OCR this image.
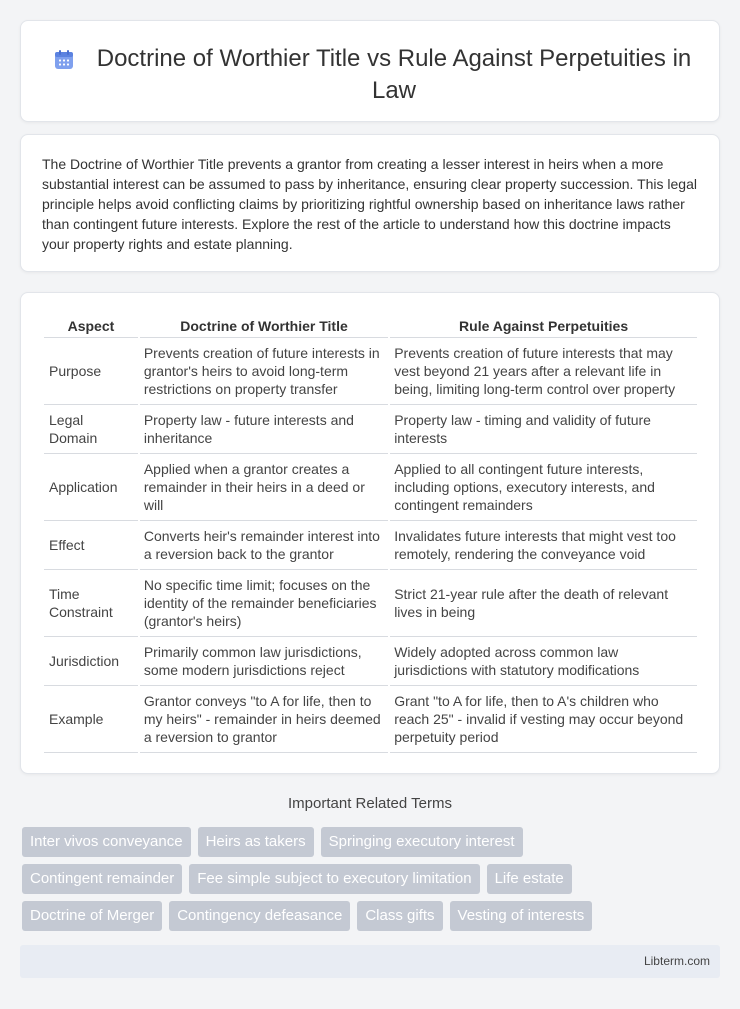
Doctrine of Worthier Title vs Rule Against Perpetuities in Law

The Doctrine of Worthier Title prevents a grantor from creating a lesser interest in heirs when a more substantial interest can be assumed to pass by inheritance, ensuring clear property succession. This legal principle helps avoid conflicting claims by prioritizing rightful ownership based on inheritance laws rather than contingent future interests. Explore the rest of the article to understand how this doctrine impacts your property rights and estate planning.

Aspect	Doctrine of Worthier Title	Rule Against Perpetuities
Purpose	Prevents creation of future interests in grantor's heirs to avoid long-term restrictions on property transfer	Prevents creation of future interests that may vest beyond 21 years after a relevant life in being, limiting long-term control over property
Legal Domain	Property law - future interests and inheritance	Property law - timing and validity of future interests
Application	Applied when a grantor creates a remainder in their heirs in a deed or will	Applied to all contingent future interests, including options, executory interests, and contingent remainders
Effect	Converts heir's remainder interest into a reversion back to the grantor	Invalidates future interests that might vest too remotely, rendering the conveyance void
Time Constraint	No specific time limit; focuses on the identity of the remainder beneficiaries (grantor's heirs)	Strict 21-year rule after the death of relevant lives in being
Jurisdiction	Primarily common law jurisdictions, some modern jurisdictions reject	Widely adopted across common law jurisdictions with statutory modifications
Example	Grantor conveys "to A for life, then to my heirs" - remainder in heirs deemed a reversion to grantor	Grant "to A for life, then to A's children who reach 25" - invalid if vesting may occur beyond perpetuity period
Important Related Terms
Inter vivos conveyance	Heirs as takers	Springing executory interest
Contingent remainder	Fee simple subject to executory limitation	Life estate
Doctrine of Merger	Contingency defeasance	Class gifts	Vesting of interests
Libterm.com
